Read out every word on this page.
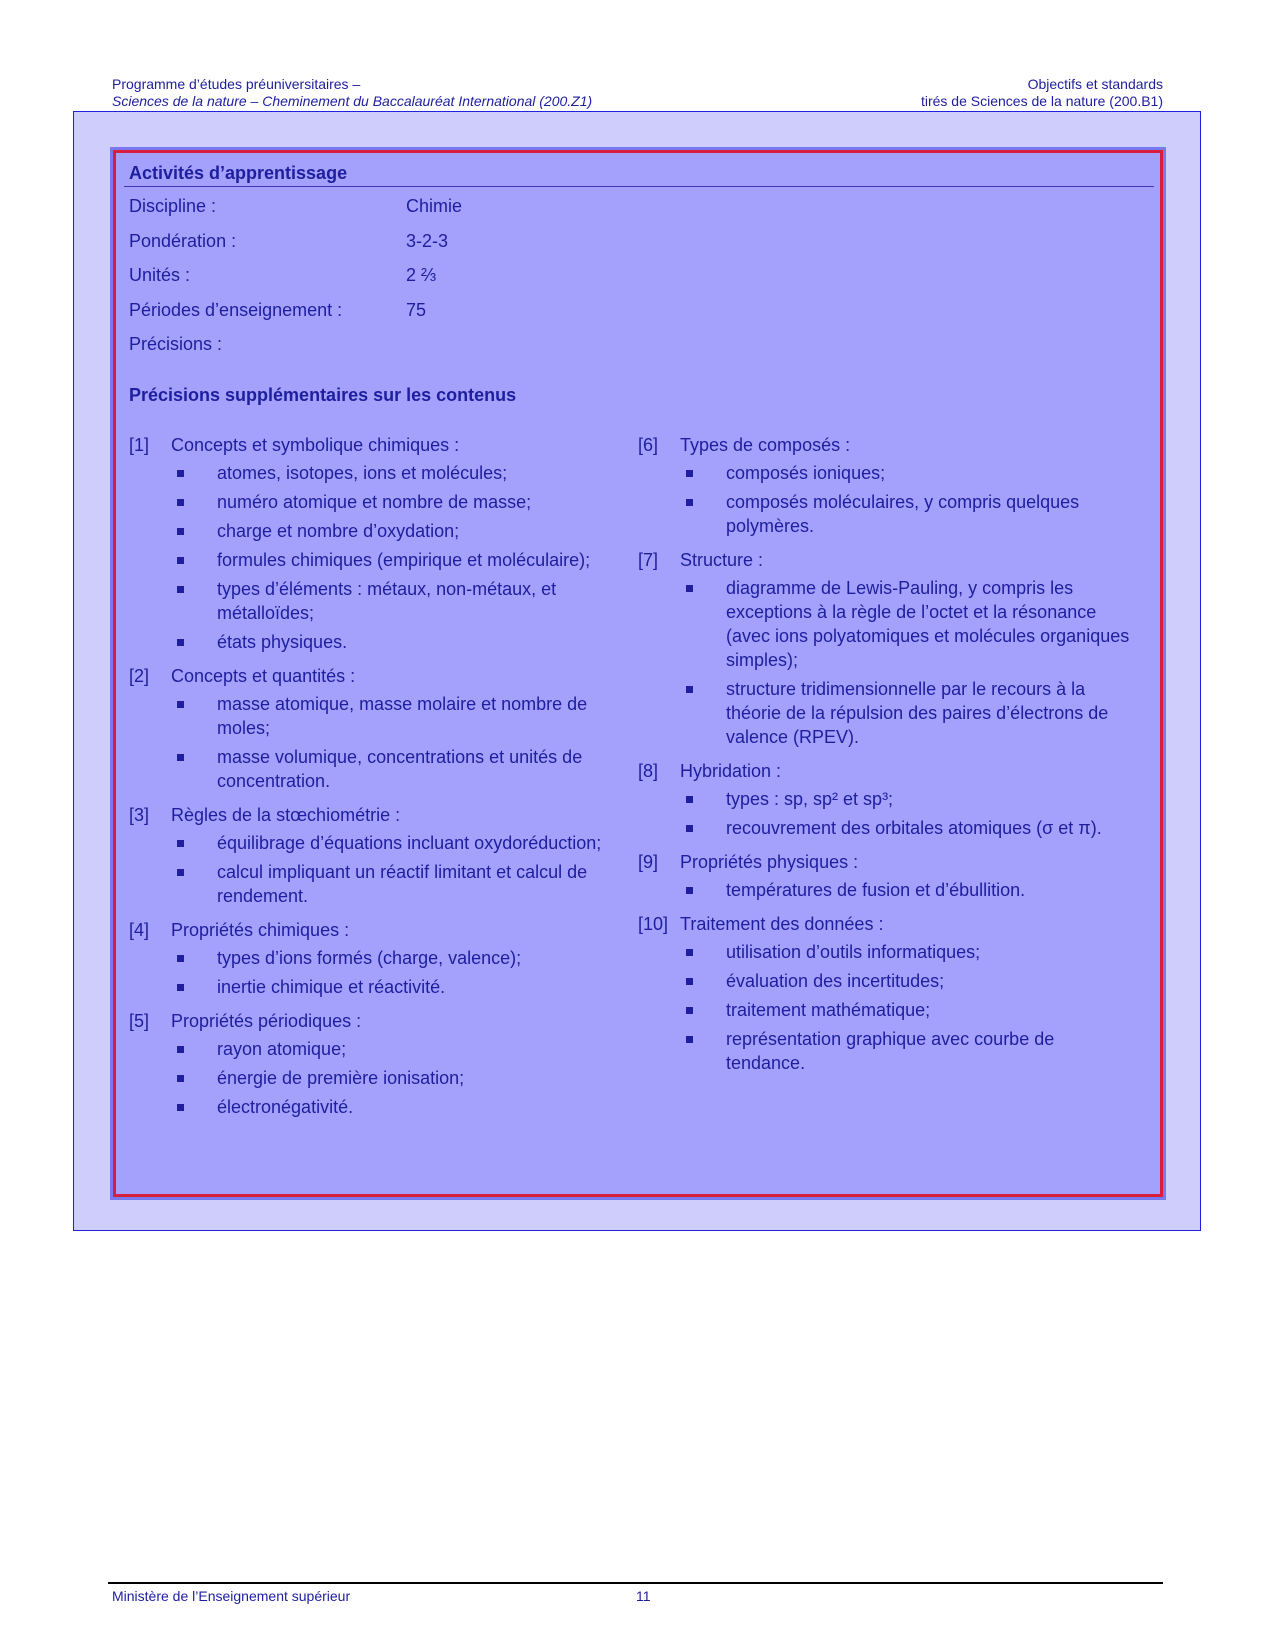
Programme d’études préuniversitaires –
Sciences de la nature – Cheminement du Baccalauréat International (200.Z1)
Objectifs et standards
tirés de Sciences de la nature (200.B1)
Activités d’apprentissage
Discipline :	Chimie
Pondération :	3-2-3
Unités :	2 ⅔
Périodes d’enseignement :	75
Précisions :
Précisions supplémentaires sur les contenus
[1]	Concepts et symbolique chimiques :
atomes, isotopes, ions et molécules;
numéro atomique et nombre de masse;
charge et nombre d’oxydation;
formules chimiques (empirique et moléculaire);
types d’éléments : métaux, non-métaux, et métalloïdes;
états physiques.
[2]	Concepts et quantités :
masse atomique, masse molaire et nombre de moles;
masse volumique, concentrations et unités de concentration.
[3]	Règles de la stœchiométrie :
équilibrage d’équations incluant oxydoréduction;
calcul impliquant un réactif limitant et calcul de rendement.
[4]	Propriétés chimiques :
types d’ions formés (charge, valence);
inertie chimique et réactivité.
[5]	Propriétés périodiques :
rayon atomique;
énergie de première ionisation;
électronégativité.
[6]	Types de composés :
composés ioniques;
composés moléculaires, y compris quelques polymères.
[7]	Structure :
diagramme de Lewis-Pauling, y compris les exceptions à la règle de l’octet et la résonance (avec ions polyatomiques et molécules organiques simples);
structure tridimensionnelle par le recours à la théorie de la répulsion des paires d’électrons de valence (RPEV).
[8]	Hybridation :
types : sp, sp² et sp³;
recouvrement des orbitales atomiques (σ et π).
[9]	Propriétés physiques :
températures de fusion et d’ébullition.
[10] Traitement des données :
utilisation d’outils informatiques;
évaluation des incertitudes;
traitement mathématique;
représentation graphique avec courbe de tendance.
Ministère de l’Enseignement supérieur	11
